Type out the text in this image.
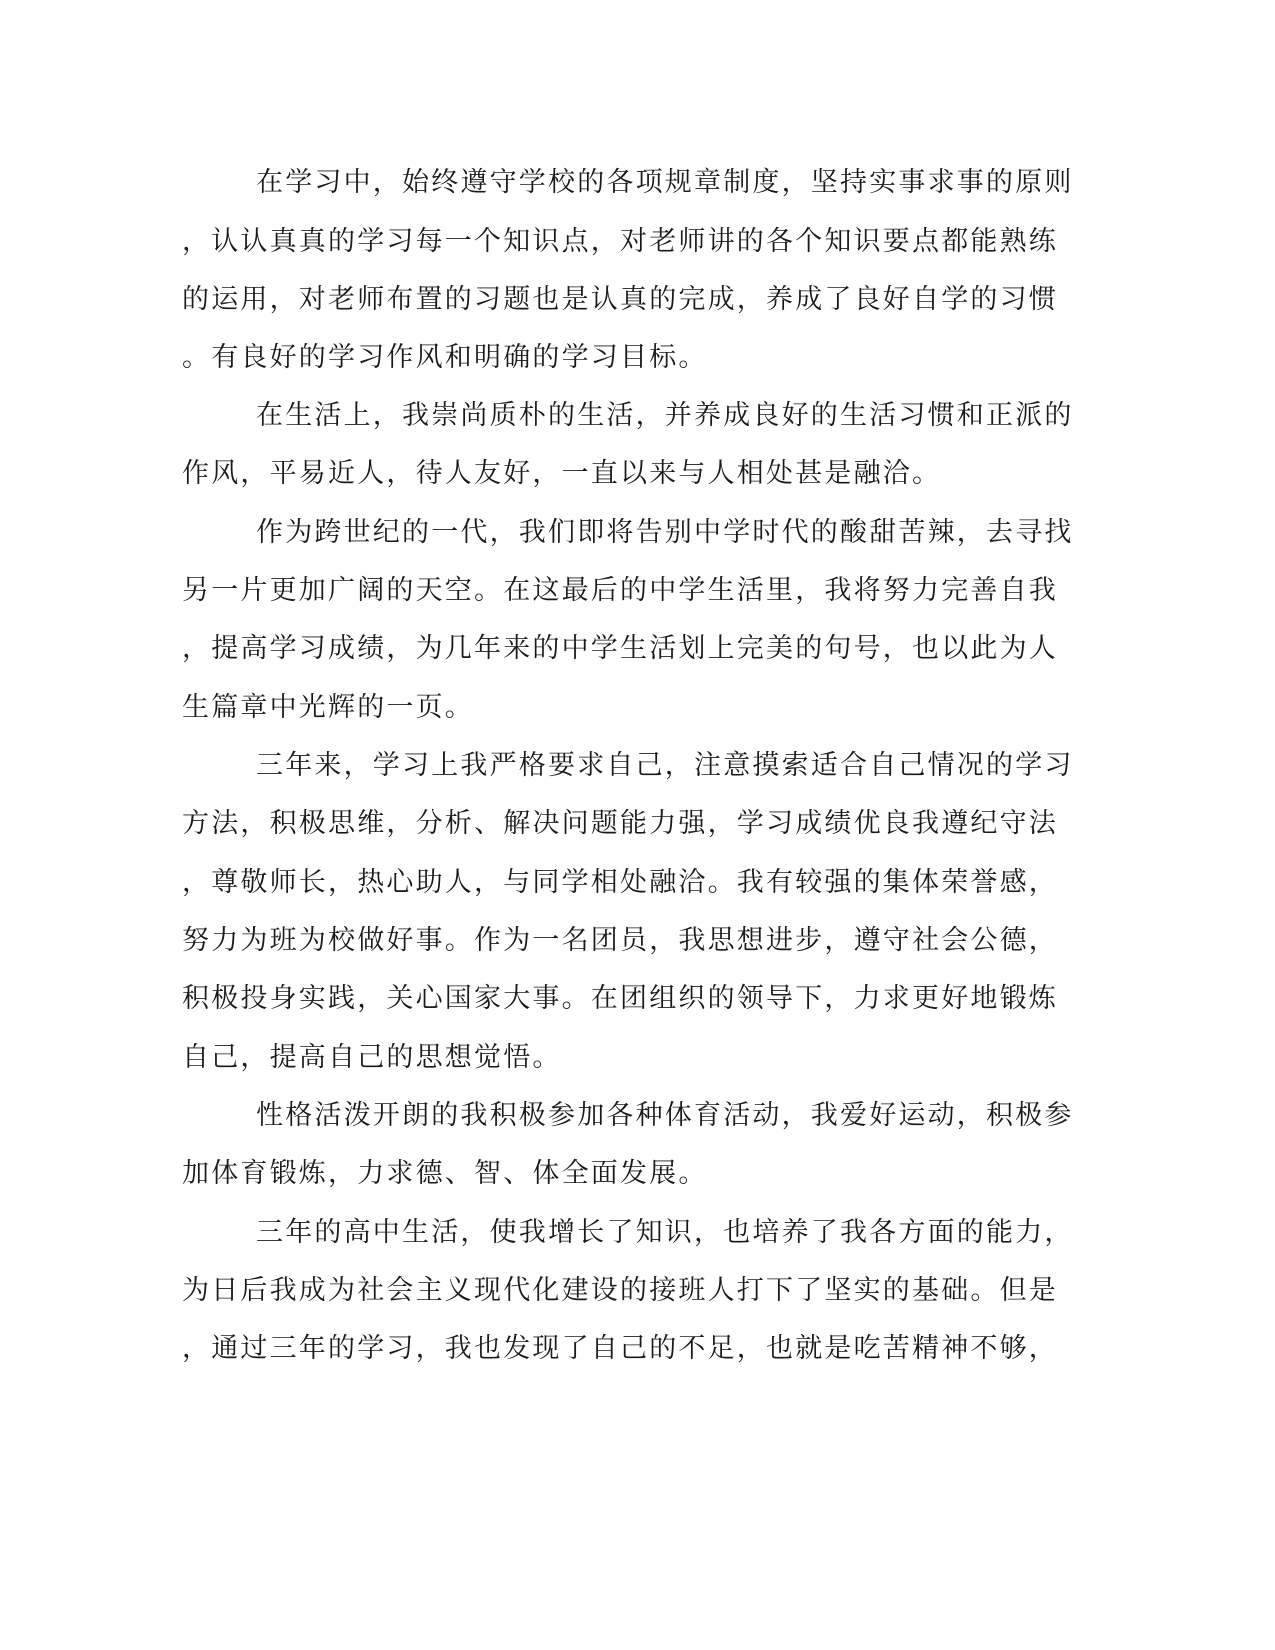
在学习中，始终遵守学校的各项规章制度，坚持实事求事的原则
，认认真真的学习每一个知识点，对老师讲的各个知识要点都能熟练
的运用，对老师布置的习题也是认真的完成，养成了良好自学的习惯
。有良好的学习作风和明确的学习目标。
在生活上，我崇尚质朴的生活，并养成良好的生活习惯和正派的
作风，平易近人，待人友好，一直以来与人相处甚是融洽。
作为跨世纪的一代，我们即将告别中学时代的酸甜苦辣，去寻找
另一片更加广阔的天空。在这最后的中学生活里，我将努力完善自我
，提高学习成绩，为几年来的中学生活划上完美的句号，也以此为人
生篇章中光辉的一页。
三年来，学习上我严格要求自己，注意摸索适合自己情况的学习
方法，积极思维，分析、解决问题能力强，学习成绩优良我遵纪守法
，尊敬师长，热心助人，与同学相处融洽。我有较强的集体荣誉感，
努力为班为校做好事。作为一名团员，我思想进步，遵守社会公德，
积极投身实践，关心国家大事。在团组织的领导下，力求更好地锻炼
自己，提高自己的思想觉悟。
性格活泼开朗的我积极参加各种体育活动，我爱好运动，积极参
加体育锻炼，力求德、智、体全面发展。
三年的高中生活，使我增长了知识，也培养了我各方面的能力，
为日后我成为社会主义现代化建设的接班人打下了坚实的基础。但是
，通过三年的学习，我也发现了自己的不足，也就是吃苦精神不够，
